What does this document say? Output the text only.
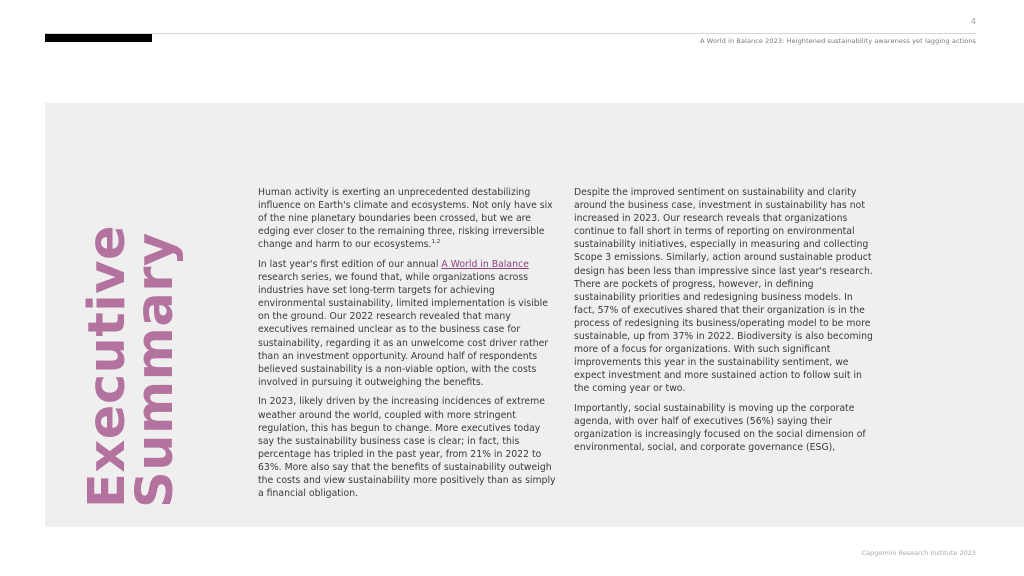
4
A World in Balance 2023: Heightened sustainability awareness yet lagging actions
Executive
Summary

Human activity is exerting an unprecedented destabilizing influence on Earth's climate and ecosystems. Not only have six of the nine planetary boundaries been crossed, but we are edging ever closer to the remaining three, risking irreversible change and harm to our ecosystems.$^{1,2}$

In last year's first edition of our annual A World in Balance research series, we found that, while organizations across industries have set long-term targets for achieving environmental sustainability, limited implementation is visible on the ground. Our 2022 research revealed that many executives remained unclear as to the business case for sustainability, regarding it as an unwelcome cost driver rather than an investment opportunity. Around half of respondents believed sustainability is a non-viable option, with the costs involved in pursuing it outweighing the benefits.

In 2023, likely driven by the increasing incidences of extreme weather around the world, coupled with more stringent regulation, this has begun to change. More executives today say the sustainability business case is clear; in fact, this percentage has tripled in the past year, from 21% in 2022 to 63%. More also say that the benefits of sustainability outweigh the costs and view sustainability more positively than as simply a financial obligation.

Despite the improved sentiment on sustainability and clarity around the business case, investment in sustainability has not increased in 2023. Our research reveals that organizations continue to fall short in terms of reporting on environmental sustainability initiatives, especially in measuring and collecting Scope 3 emissions. Similarly, action around sustainable product design has been less than impressive since last year's research. There are pockets of progress, however, in defining sustainability priorities and redesigning business models. In fact, 57% of executives shared that their organization is in the process of redesigning its business/operating model to be more sustainable, up from 37% in 2022. Biodiversity is also becoming more of a focus for organizations. With such significant improvements this year in the sustainability sentiment, we expect investment and more sustained action to follow suit in the coming year or two.

Importantly, social sustainability is moving up the corporate agenda, with over half of executives (56%) saying their organization is increasingly focused on the social dimension of environmental, social, and corporate governance (ESG),

Capgemini Research Institute 2023
